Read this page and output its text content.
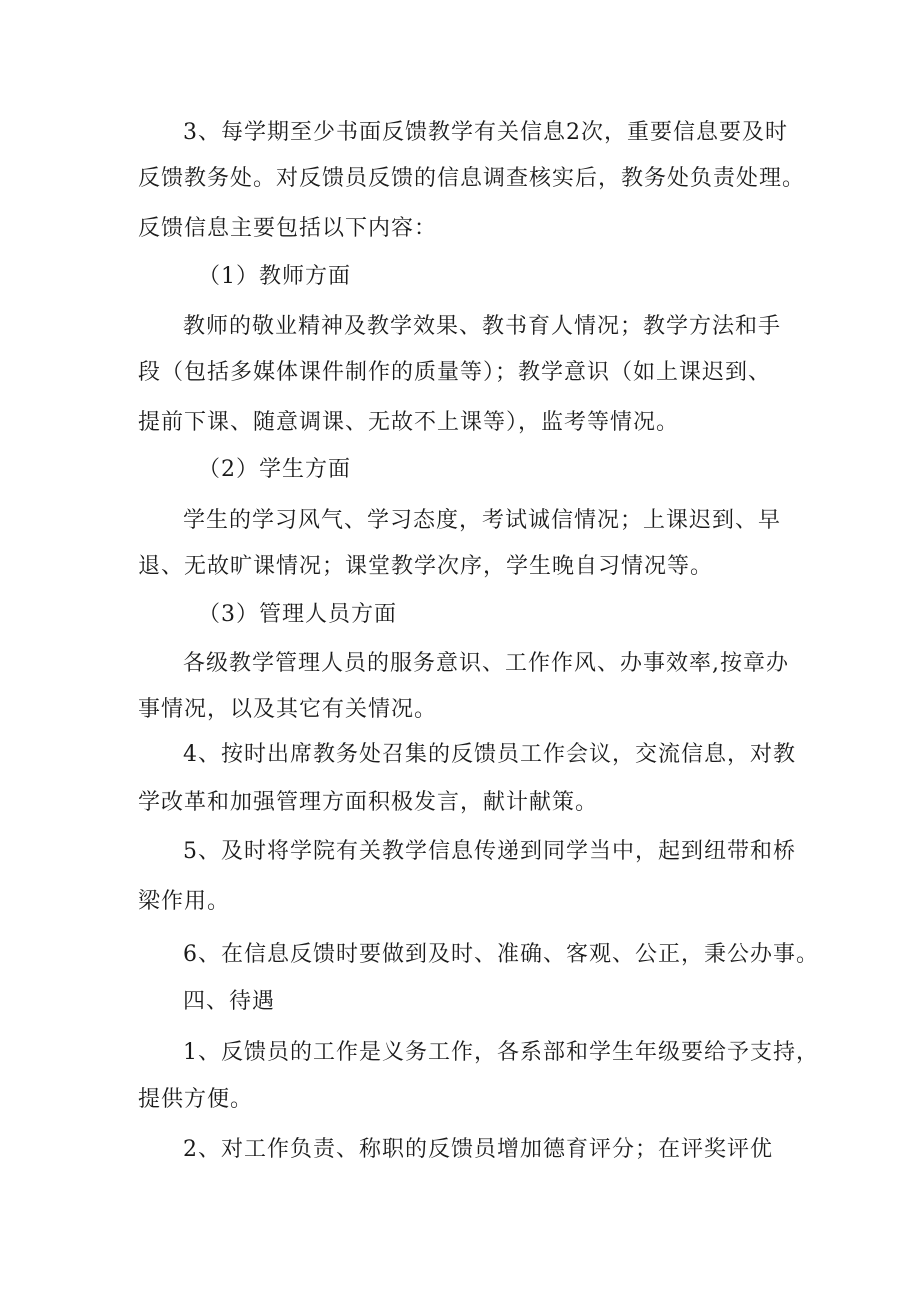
3、每学期至少书面反馈教学有关信息2次，重要信息要及时
反馈教务处。对反馈员反馈的信息调查核实后，教务处负责处理。
反馈信息主要包括以下内容：
（1）教师方面
教师的敬业精神及教学效果、教书育人情况；教学方法和手
段（包括多媒体课件制作的质量等）；教学意识（如上课迟到、
提前下课、随意调课、无故不上课等），监考等情况。
（2）学生方面
学生的学习风气、学习态度，考试诚信情况；上课迟到、早
退、无故旷课情况；课堂教学次序，学生晚自习情况等。
（3）管理人员方面
各级教学管理人员的服务意识、工作作风、办事效率,按章办
事情况，以及其它有关情况。
4、按时出席教务处召集的反馈员工作会议，交流信息，对教
学改革和加强管理方面积极发言，献计献策。
5、及时将学院有关教学信息传递到同学当中，起到纽带和桥
梁作用。
6、在信息反馈时要做到及时、准确、客观、公正，秉公办事。
四、待遇
1、反馈员的工作是义务工作，各系部和学生年级要给予支持，
提供方便。
2、对工作负责、称职的反馈员增加德育评分；在评奖评优
